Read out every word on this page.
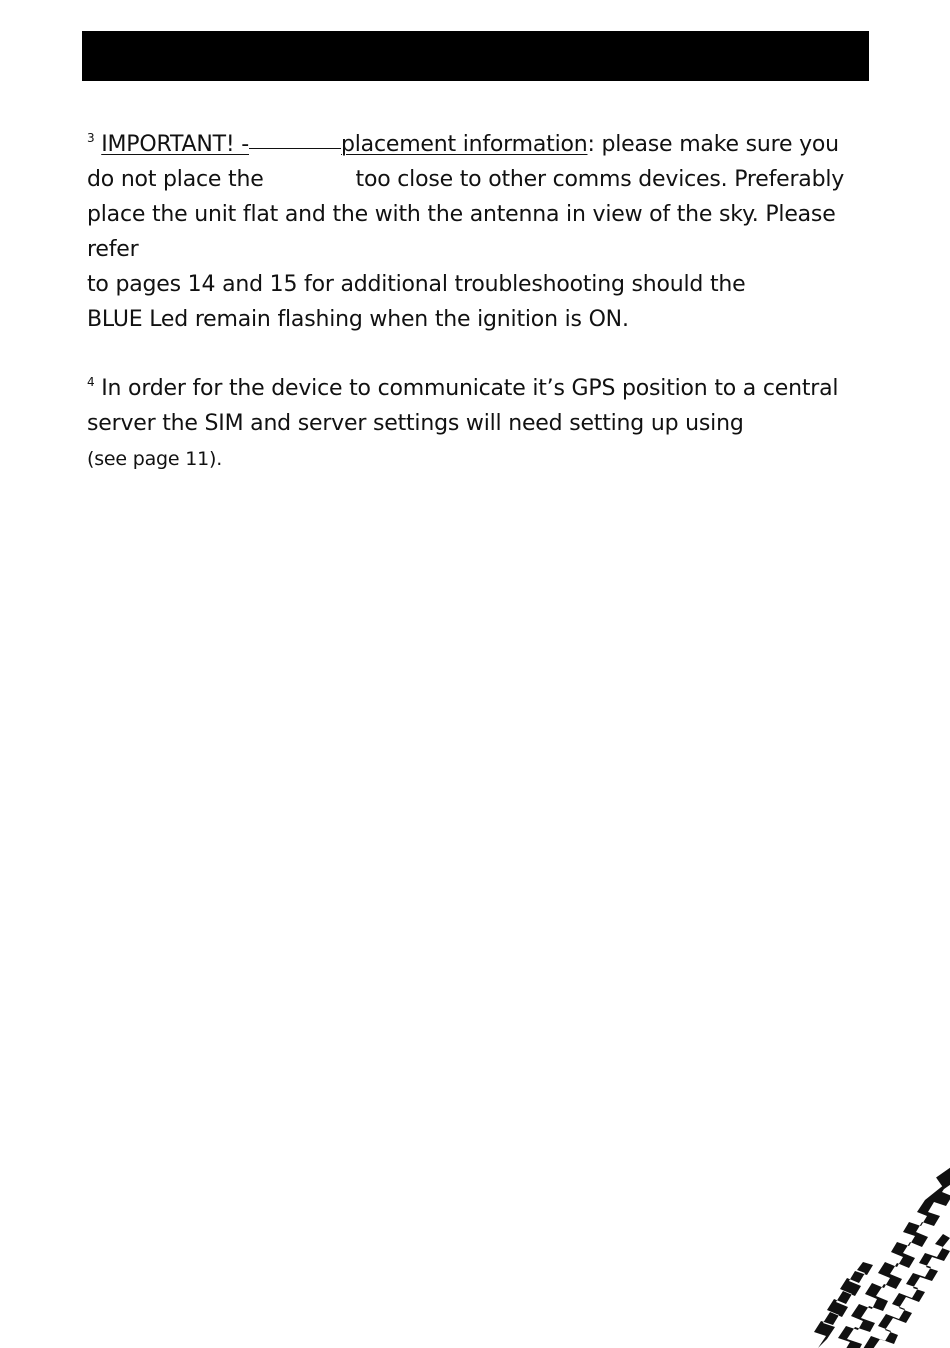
$^3$ IMPORTANT! -	placement information: please make sure you
do not place the	too close to other comms devices. Preferably
place the unit flat and the with the antenna in view of the sky. Please refer
to pages 14 and 15 for additional troubleshooting should the
BLUE Led remain flashing when the ignition is ON.
$^4$ In order for the device to communicate it’s GPS position to a central
server the SIM and server settings will need setting up using
(see page 11).
